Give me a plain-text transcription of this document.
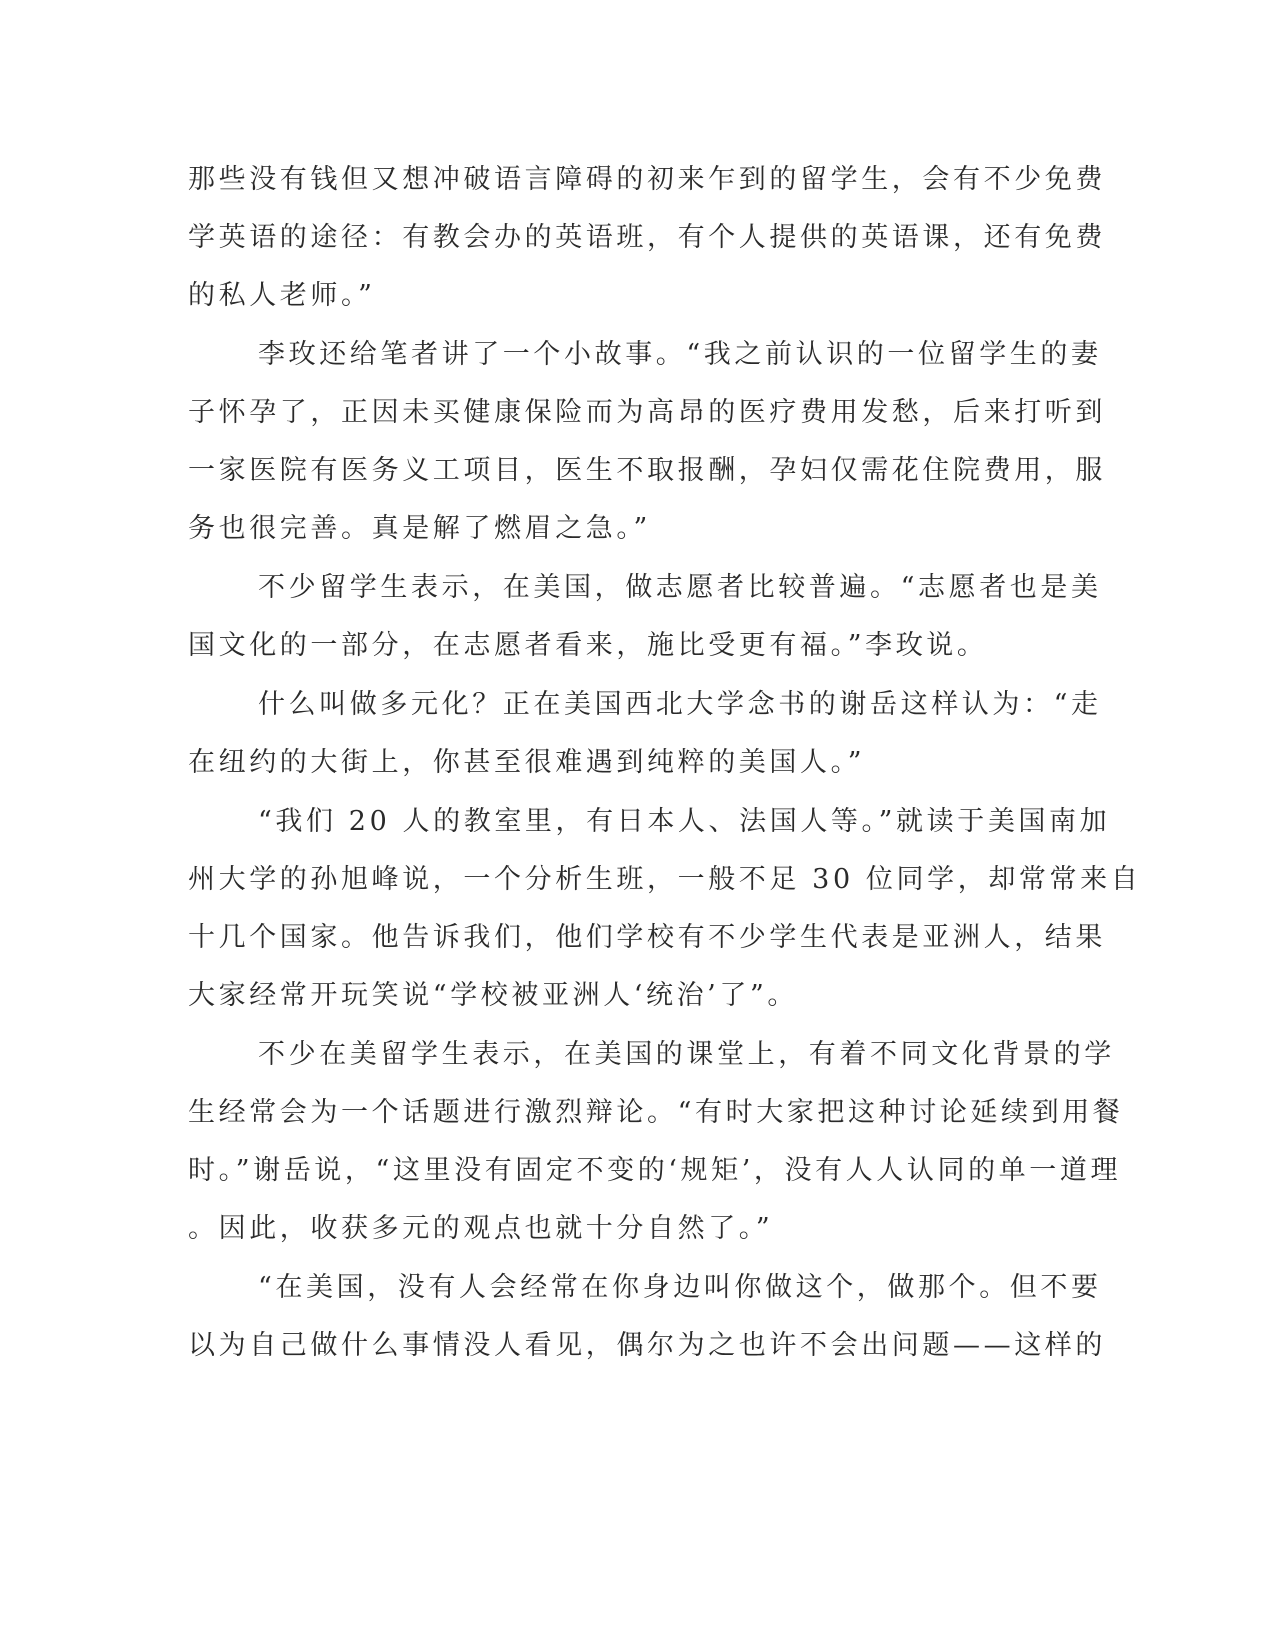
那些没有钱但又想冲破语言障碍的初来乍到的留学生，会有不少免费
学英语的途径：有教会办的英语班，有个人提供的英语课，还有免费
的私人老师。”
李玫还给笔者讲了一个小故事。“我之前认识的一位留学生的妻
子怀孕了，正因未买健康保险而为高昂的医疗费用发愁，后来打听到
一家医院有医务义工项目，医生不取报酬，孕妇仅需花住院费用，服
务也很完善。真是解了燃眉之急。”
不少留学生表示，在美国，做志愿者比较普遍。“志愿者也是美
国文化的一部分，在志愿者看来，施比受更有福。”李玫说。
什么叫做多元化？正在美国西北大学念书的谢岳这样认为：“走
在纽约的大街上，你甚至很难遇到纯粹的美国人。”
“我们 20 人的教室里，有日本人、法国人等。”就读于美国南加
州大学的孙旭峰说，一个分析生班，一般不足 30 位同学，却常常来自
十几个国家。他告诉我们，他们学校有不少学生代表是亚洲人，结果
大家经常开玩笑说“学校被亚洲人‘统治’了”。
不少在美留学生表示，在美国的课堂上，有着不同文化背景的学
生经常会为一个话题进行激烈辩论。“有时大家把这种讨论延续到用餐
时。”谢岳说，“这里没有固定不变的‘规矩’，没有人人认同的单一道理
。因此，收获多元的观点也就十分自然了。”
“在美国，没有人会经常在你身边叫你做这个，做那个。但不要
以为自己做什么事情没人看见，偶尔为之也许不会出问题——这样的
